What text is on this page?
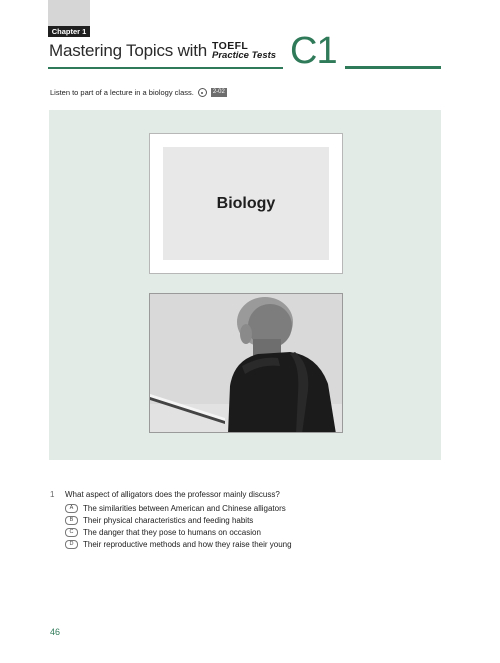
Chapter 1
Mastering Topics with TOEFL
Practice Tests C1
Listen to part of a lecture in a biology class.	2-02
Biology
1 What aspect of alligators does the professor mainly discuss?
A	The similarities between American and Chinese alligators
B	Their physical characteristics and feeding habits
C	The danger that they pose to humans on occasion
D	Their reproductive methods and how they raise their young
46
